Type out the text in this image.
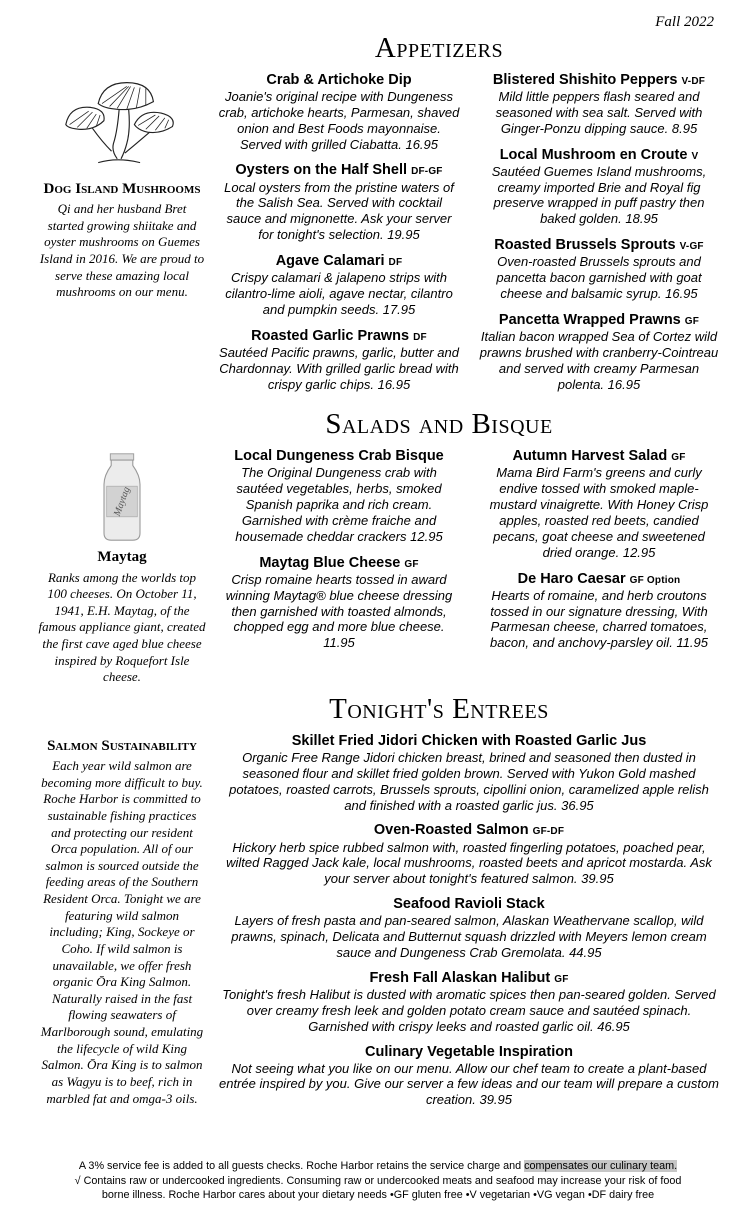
Fall 2022
Appetizers
Dog Island Mushrooms
Qi and her husband Bret started growing shiitake and oyster mushrooms on Guemes Island in 2016. We are proud to serve these amazing local mushrooms on our menu.
Crab & Artichoke Dip
Joanie's original recipe with Dungeness crab, artichoke hearts, Parmesan, shaved onion and Best Foods mayonnaise. Served with grilled Ciabatta. 16.95
Oysters on the Half Shell DF-GF
Local oysters from the pristine waters of the Salish Sea. Served with cocktail sauce and mignonette. Ask your server for tonight's selection. 19.95
Agave Calamari DF
Crispy calamari & jalapeno strips with cilantro-lime aioli, agave nectar, cilantro and pumpkin seeds. 17.95
Roasted Garlic Prawns DF
Sautéed Pacific prawns, garlic, butter and Chardonnay. With grilled garlic bread with crispy garlic chips. 16.95
Blistered Shishito Peppers V-DF
Mild little peppers flash seared and seasoned with sea salt. Served with Ginger-Ponzu dipping sauce. 8.95
Local Mushroom en Croute V
Sautéed Guemes Island mushrooms, creamy imported Brie and Royal fig preserve wrapped in puff pastry then baked golden. 18.95
Roasted Brussels Sprouts V-GF
Oven-roasted Brussels sprouts and pancetta bacon garnished with goat cheese and balsamic syrup. 16.95
Pancetta Wrapped Prawns GF
Italian bacon wrapped Sea of Cortez wild prawns brushed with cranberry-Cointreau and served with creamy Parmesan polenta. 16.95
Salads and Bisque
Maytag
Maytag
Ranks among the worlds top 100 cheeses. On October 11, 1941, E.H. Maytag, of the famous appliance giant, created the first cave aged blue cheese inspired by Roquefort Isle cheese.
Local Dungeness Crab Bisque
The Original Dungeness crab with sautéed vegetables, herbs, smoked Spanish paprika and rich cream. Garnished with crème fraiche and housemade cheddar crackers 12.95
Maytag Blue Cheese GF
Crisp romaine hearts tossed in award winning Maytag® blue cheese dressing then garnished with toasted almonds, chopped egg and more blue cheese. 11.95
Autumn Harvest Salad GF
Mama Bird Farm's greens and curly endive tossed with smoked maple-mustard vinaigrette. With Honey Crisp apples, roasted red beets, candied pecans, goat cheese and sweetened dried orange. 12.95
De Haro Caesar GF Option
Hearts of romaine, and herb croutons tossed in our signature dressing, With Parmesan cheese, charred tomatoes, bacon, and anchovy-parsley oil. 11.95
Tonight's Entrees
Salmon Sustainability
Each year wild salmon are becoming more difficult to buy. Roche Harbor is committed to sustainable fishing practices and protecting our resident Orca population. All of our salmon is sourced outside the feeding areas of the Southern Resident Orca. Tonight we are featuring wild salmon including; King, Sockeye or Coho. If wild salmon is unavailable, we offer fresh organic Ōra King Salmon. Naturally raised in the fast flowing seawaters of Marlborough sound, emulating the lifecycle of wild King Salmon. Ōra King is to salmon as Wagyu is to beef, rich in marbled fat and omga-3 oils.
Skillet Fried Jidori Chicken with Roasted Garlic Jus
Organic Free Range Jidori chicken breast, brined and seasoned then dusted in seasoned flour and skillet fried golden brown. Served with Yukon Gold mashed potatoes, roasted carrots, Brussels sprouts, cipollini onion, caramelized apple relish and finished with a roasted garlic jus. 36.95
Oven-Roasted Salmon GF-DF
Hickory herb spice rubbed salmon with, roasted fingerling potatoes, poached pear, wilted Ragged Jack kale, local mushrooms, roasted beets and apricot mostarda. Ask your server about tonight's featured salmon. 39.95
Seafood Ravioli Stack
Layers of fresh pasta and pan-seared salmon, Alaskan Weathervane scallop, wild prawns, spinach, Delicata and Butternut squash drizzled with Meyers lemon cream sauce and Dungeness Crab Gremolata. 44.95
Fresh Fall Alaskan Halibut GF
Tonight's fresh Halibut is dusted with aromatic spices then pan-seared golden. Served over creamy fresh leek and golden potato cream sauce and sautéed spinach. Garnished with crispy leeks and roasted garlic oil. 46.95
Culinary Vegetable Inspiration
Not seeing what you like on our menu. Allow our chef team to create a plant-based entrée inspired by you. Give our server a few ideas and our team will prepare a custom creation. 39.95
A 3% service fee is added to all guests checks. Roche Harbor retains the service charge and compensates our culinary team.
√ Contains raw or undercooked ingredients. Consuming raw or undercooked meats and seafood may increase your risk of food
borne illness. Roche Harbor cares about your dietary needs •GF gluten free •V vegetarian •VG vegan •DF dairy free
